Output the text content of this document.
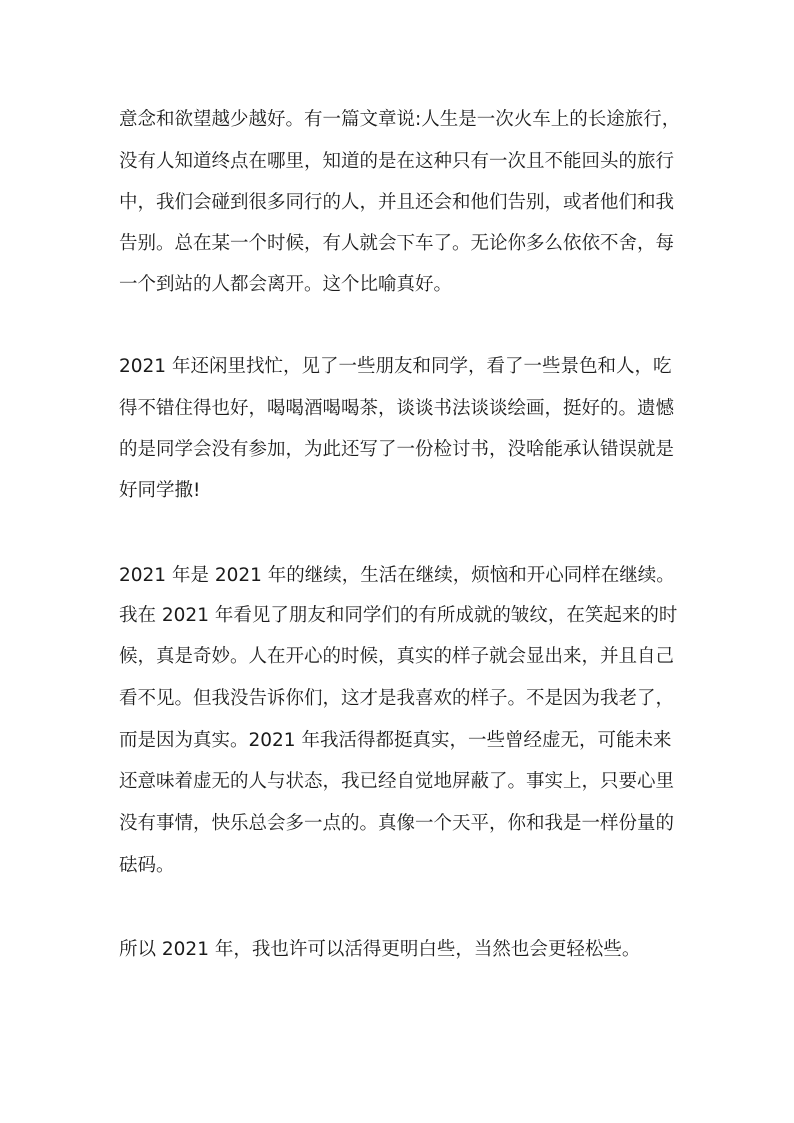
意念和欲望越少越好。有一篇文章说:人生是一次火车上的长途旅行，
没有人知道终点在哪里，知道的是在这种只有一次且不能回头的旅行
中，我们会碰到很多同行的人，并且还会和他们告别，或者他们和我
告别。总在某一个时候，有人就会下车了。无论你多么依依不舍，每
一个到站的人都会离开。这个比喻真好。
2021 年还闲里找忙，见了一些朋友和同学，看了一些景色和人，吃
得不错住得也好，喝喝酒喝喝茶，谈谈书法谈谈绘画，挺好的。遗憾
的是同学会没有参加，为此还写了一份检讨书，没啥能承认错误就是
好同学撒!
2021 年是 2021 年的继续，生活在继续，烦恼和开心同样在继续。
我在 2021 年看见了朋友和同学们的有所成就的皱纹，在笑起来的时
候，真是奇妙。人在开心的时候，真实的样子就会显出来，并且自己
看不见。但我没告诉你们，这才是我喜欢的样子。不是因为我老了，
而是因为真实。2021 年我活得都挺真实，一些曾经虚无，可能未来
还意味着虚无的人与状态，我已经自觉地屏蔽了。事实上，只要心里
没有事情，快乐总会多一点的。真像一个天平，你和我是一样份量的
砝码。
所以 2021 年，我也许可以活得更明白些，当然也会更轻松些。
